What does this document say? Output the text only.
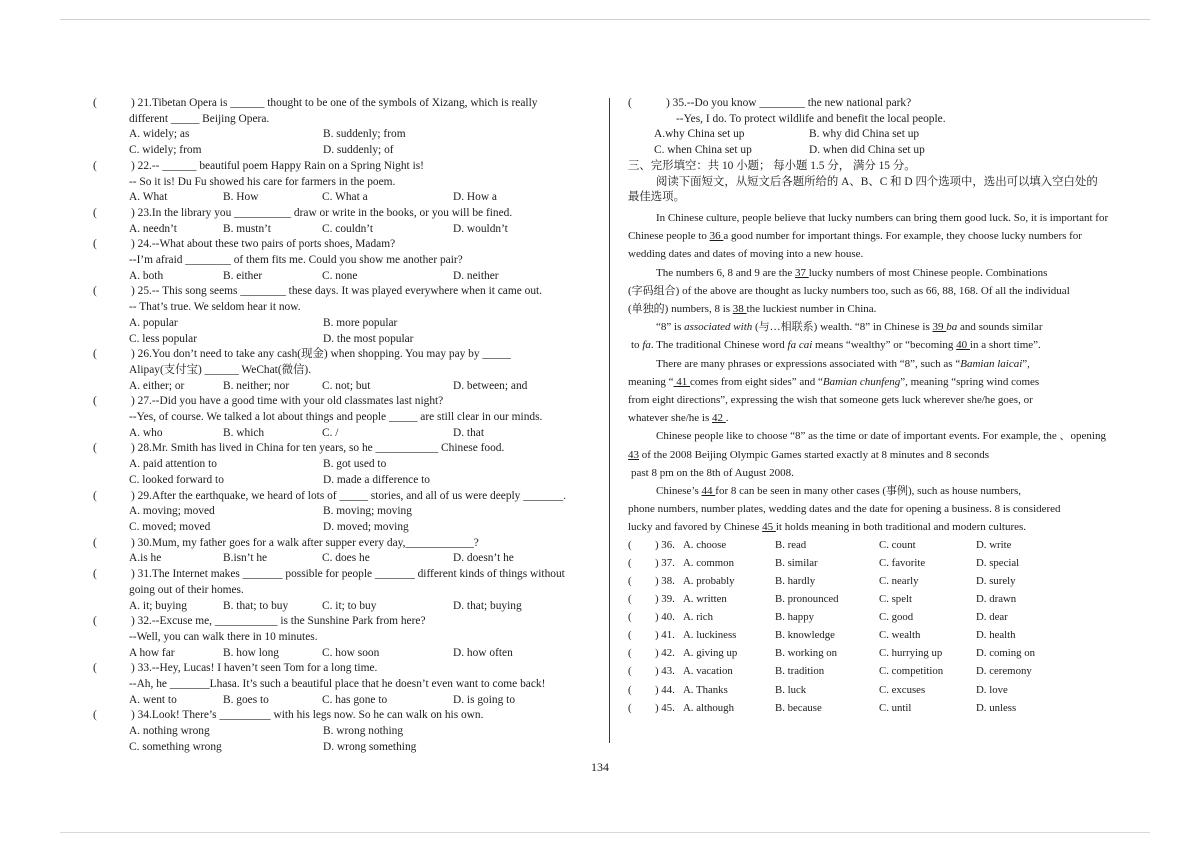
(	) 21.Tibetan Opera is ______ thought to be one of the symbols of Xizang, which is really
different _____ Beijing Opera.
A. widely; as	B. suddenly; from
C. widely; from	D. suddenly; of
(	) 22.-- ______ beautiful poem Happy Rain on a Spring Night is!
-- So it is! Du Fu showed his care for farmers in the poem.
A. What	B. How	C. What a	D. How a
(	) 23.In the library you __________ draw or write in the books, or you will be fined.
A. needn’t	B. mustn’t	C. couldn’t	D. wouldn’t
(	) 24.--What about these two pairs of ports shoes, Madam?
--I’m afraid ________ of them fits me. Could you show me another pair?
A. both	B. either	C. none	D. neither
(	) 25.-- This song seems ________ these days. It was played everywhere when it came out.
-- That’s true. We seldom hear it now.
A. popular	B. more popular
C. less popular	D. the most popular
(	) 26.You don’t need to take any cash(现金) when shopping. You may pay by _____
Alipay(支付宝) ______ WeChat(微信).
A. either; or	B. neither; nor	C. not; but	D. between; and
(	) 27.--Did you have a good time with your old classmates last night?
--Yes, of course. We talked a lot about things and people _____ are still clear in our minds.
A. who	B. which	C. /	D. that
(	) 28.Mr. Smith has lived in China for ten years, so he ___________ Chinese food.
A. paid attention to	B. got used to
C. looked forward to	D. made a difference to
(	) 29.After the earthquake, we heard of lots of _____ stories, and all of us were deeply _______.
A. moving; moved	B. moving; moving
C. moved; moved	D. moved; moving
(	) 30.Mum, my father goes for a walk after supper every day,____________?
A.is he	B.isn’t he	C. does he	D. doesn’t he
(	) 31.The Internet makes _______ possible for people _______ different kinds of things without
going out of their homes.
A. it; buying	B. that; to buy	C. it; to buy	D. that; buying
(	) 32.--Excuse me, ___________ is the Sunshine Park from here?
--Well, you can walk there in 10 minutes.
A how far	B. how long	C. how soon	D. how often
(	) 33.--Hey, Lucas! I haven’t seen Tom for a long time.
--Ah, he _______Lhasa. It’s such a beautiful place that he doesn’t even want to come back!
A. went to	B. goes to	C. has gone to	D. is going to
(	) 34.Look! There’s _________ with his legs now. So he can walk on his own.
A. nothing wrong	B. wrong nothing
C. something wrong	D. wrong something
(	) 35.--Do you know ________ the new national park?
--Yes, I do. To protect wildlife and benefit the local people.
A.why China set up	B. why did China set up
C. when China set up	D. when did China set up
三、完形填空：共 10 小题； 每小题 1.5 分， 满分 15 分。
阅读下面短文，从短文后各题所给的 A、B、C 和 D 四个选项中，选出可以填入空白处的
最佳选项。
In Chinese culture, people believe that lucky numbers can bring them good luck. So, it is important for
Chinese people to 36 a good number for important things. For example, they choose lucky numbers for
wedding dates and dates of moving into a new house.
The numbers 6, 8 and 9 are the 37 lucky numbers of most Chinese people. Combinations
(字码组合) of the above are thought as lucky numbers too, such as 66, 88, 168. Of all the individual
(单独的) numbers, 8 is 38 the luckiest number in China.
“8” is associated with (与…相联系) wealth. “8” in Chinese is 39 ba and sounds similar
to fa. The traditional Chinese word fa cai means “wealthy” or “becoming 40 in a short time”.
There are many phrases or expressions associated with “8”, such as “Bamian laicai”,
meaning “ 41 comes from eight sides” and “Bamian chunfeng”, meaning “spring wind comes
from eight directions”, expressing the wish that someone gets luck wherever she/he goes, or
whatever she/he is 42 .
Chinese people like to choose “8” as the time or date of important events. For example, the 、opening
43 of the 2008 Beijing Olympic Games started exactly at 8 minutes and 8 seconds
past 8 pm on the 8th of August 2008.
Chinese’s 44 for 8 can be seen in many other cases (事例), such as house numbers,
phone numbers, number plates, wedding dates and the date for opening a business. 8 is considered
lucky and favored by Chinese 45 it holds meaning in both traditional and modern cultures.
(	) 36. A. choose	B. read	C. count	D. write
(	) 37. A. common	B. similar	C. favorite	D. special
(	) 38. A. probably	B. hardly	C. nearly	D. surely
(	) 39. A. written	B. pronounced	C. spelt	D. drawn
(	) 40. A. rich	B. happy	C. good	D. dear
(	) 41. A. luckiness	B. knowledge	C. wealth	D. health
(	) 42. A. giving up	B. working on	C. hurrying up	D. coming on
(	) 43. A. vacation	B. tradition	C. competition	D. ceremony
(	) 44. A. Thanks	B. luck	C. excuses	D. love
(	) 45. A. although	B. because	C. until	D. unless
134
